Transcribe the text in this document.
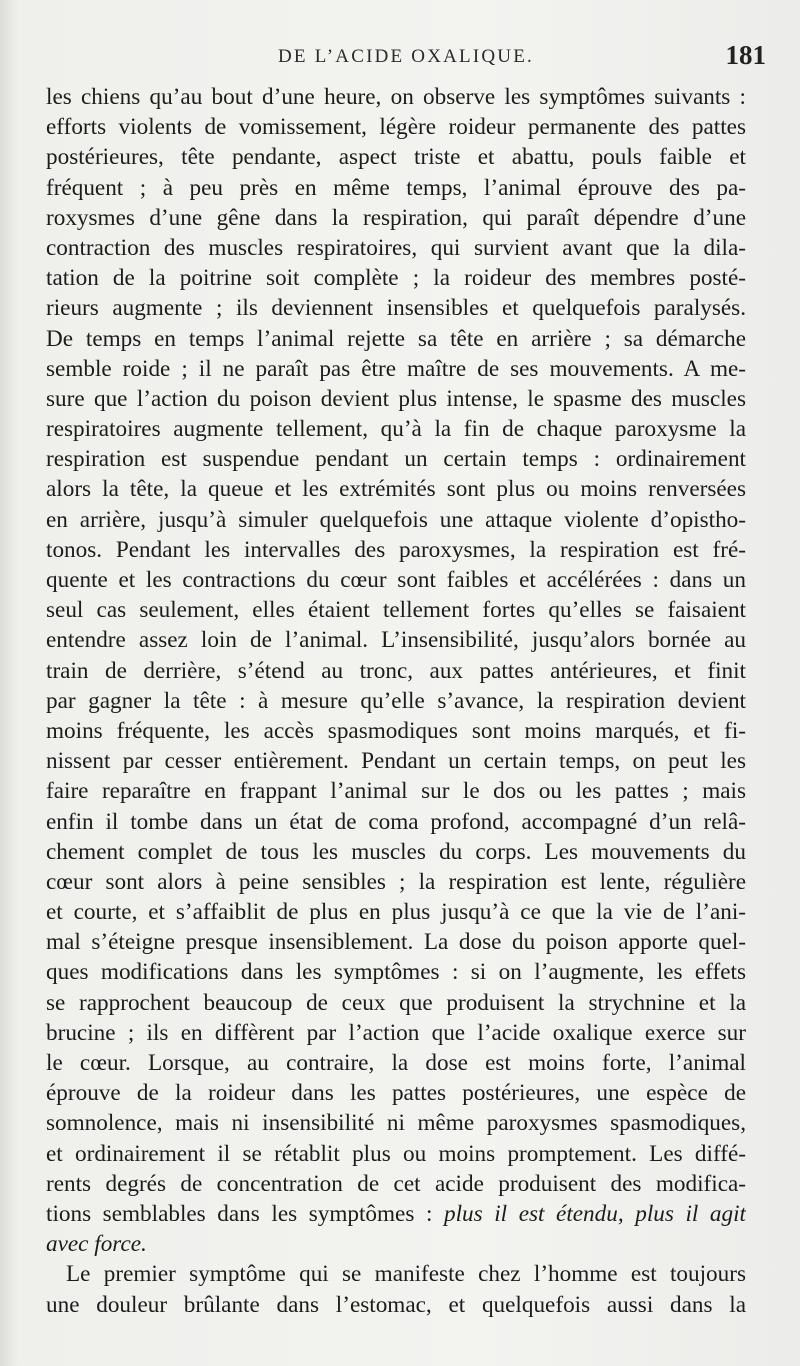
DE L’ACIDE OXALIQUE.	181
les chiens qu’au bout d’une heure, on observe les symptômes suivants :
efforts violents de vomissement, légère roideur permanente des pattes
postérieures, tête pendante, aspect triste et abattu, pouls faible et
fréquent ; à peu près en même temps, l’animal éprouve des pa-
roxysmes d’une gêne dans la respiration, qui paraît dépendre d’une
contraction des muscles respiratoires, qui survient avant que la dila-
tation de la poitrine soit complète ; la roideur des membres posté-
rieurs augmente ; ils deviennent insensibles et quelquefois paralysés.
De temps en temps l’animal rejette sa tête en arrière ; sa démarche
semble roide ; il ne paraît pas être maître de ses mouvements. A me-
sure que l’action du poison devient plus intense, le spasme des muscles
respiratoires augmente tellement, qu’à la fin de chaque paroxysme la
respiration est suspendue pendant un certain temps : ordinairement
alors la tête, la queue et les extrémités sont plus ou moins renversées
en arrière, jusqu’à simuler quelquefois une attaque violente d’opistho-
tonos. Pendant les intervalles des paroxysmes, la respiration est fré-
quente et les contractions du cœur sont faibles et accélérées : dans un
seul cas seulement, elles étaient tellement fortes qu’elles se faisaient
entendre assez loin de l’animal. L’insensibilité, jusqu’alors bornée au
train de derrière, s’étend au tronc, aux pattes antérieures, et finit
par gagner la tête : à mesure qu’elle s’avance, la respiration devient
moins fréquente, les accès spasmodiques sont moins marqués, et fi-
nissent par cesser entièrement. Pendant un certain temps, on peut les
faire reparaître en frappant l’animal sur le dos ou les pattes ; mais
enfin il tombe dans un état de coma profond, accompagné d’un relâ-
chement complet de tous les muscles du corps. Les mouvements du
cœur sont alors à peine sensibles ; la respiration est lente, régulière
et courte, et s’affaiblit de plus en plus jusqu’à ce que la vie de l’ani-
mal s’éteigne presque insensiblement. La dose du poison apporte quel-
ques modifications dans les symptômes : si on l’augmente, les effets
se rapprochent beaucoup de ceux que produisent la strychnine et la
brucine ; ils en diffèrent par l’action que l’acide oxalique exerce sur
le cœur. Lorsque, au contraire, la dose est moins forte, l’animal
éprouve de la roideur dans les pattes postérieures, une espèce de
somnolence, mais ni insensibilité ni même paroxysmes spasmodiques,
et ordinairement il se rétablit plus ou moins promptement. Les diffé-
rents degrés de concentration de cet acide produisent des modifica-
tions semblables dans les symptômes : plus il est étendu, plus il agit
avec force.
Le premier symptôme qui se manifeste chez l’homme est toujours
une douleur brûlante dans l’estomac, et quelquefois aussi dans la
